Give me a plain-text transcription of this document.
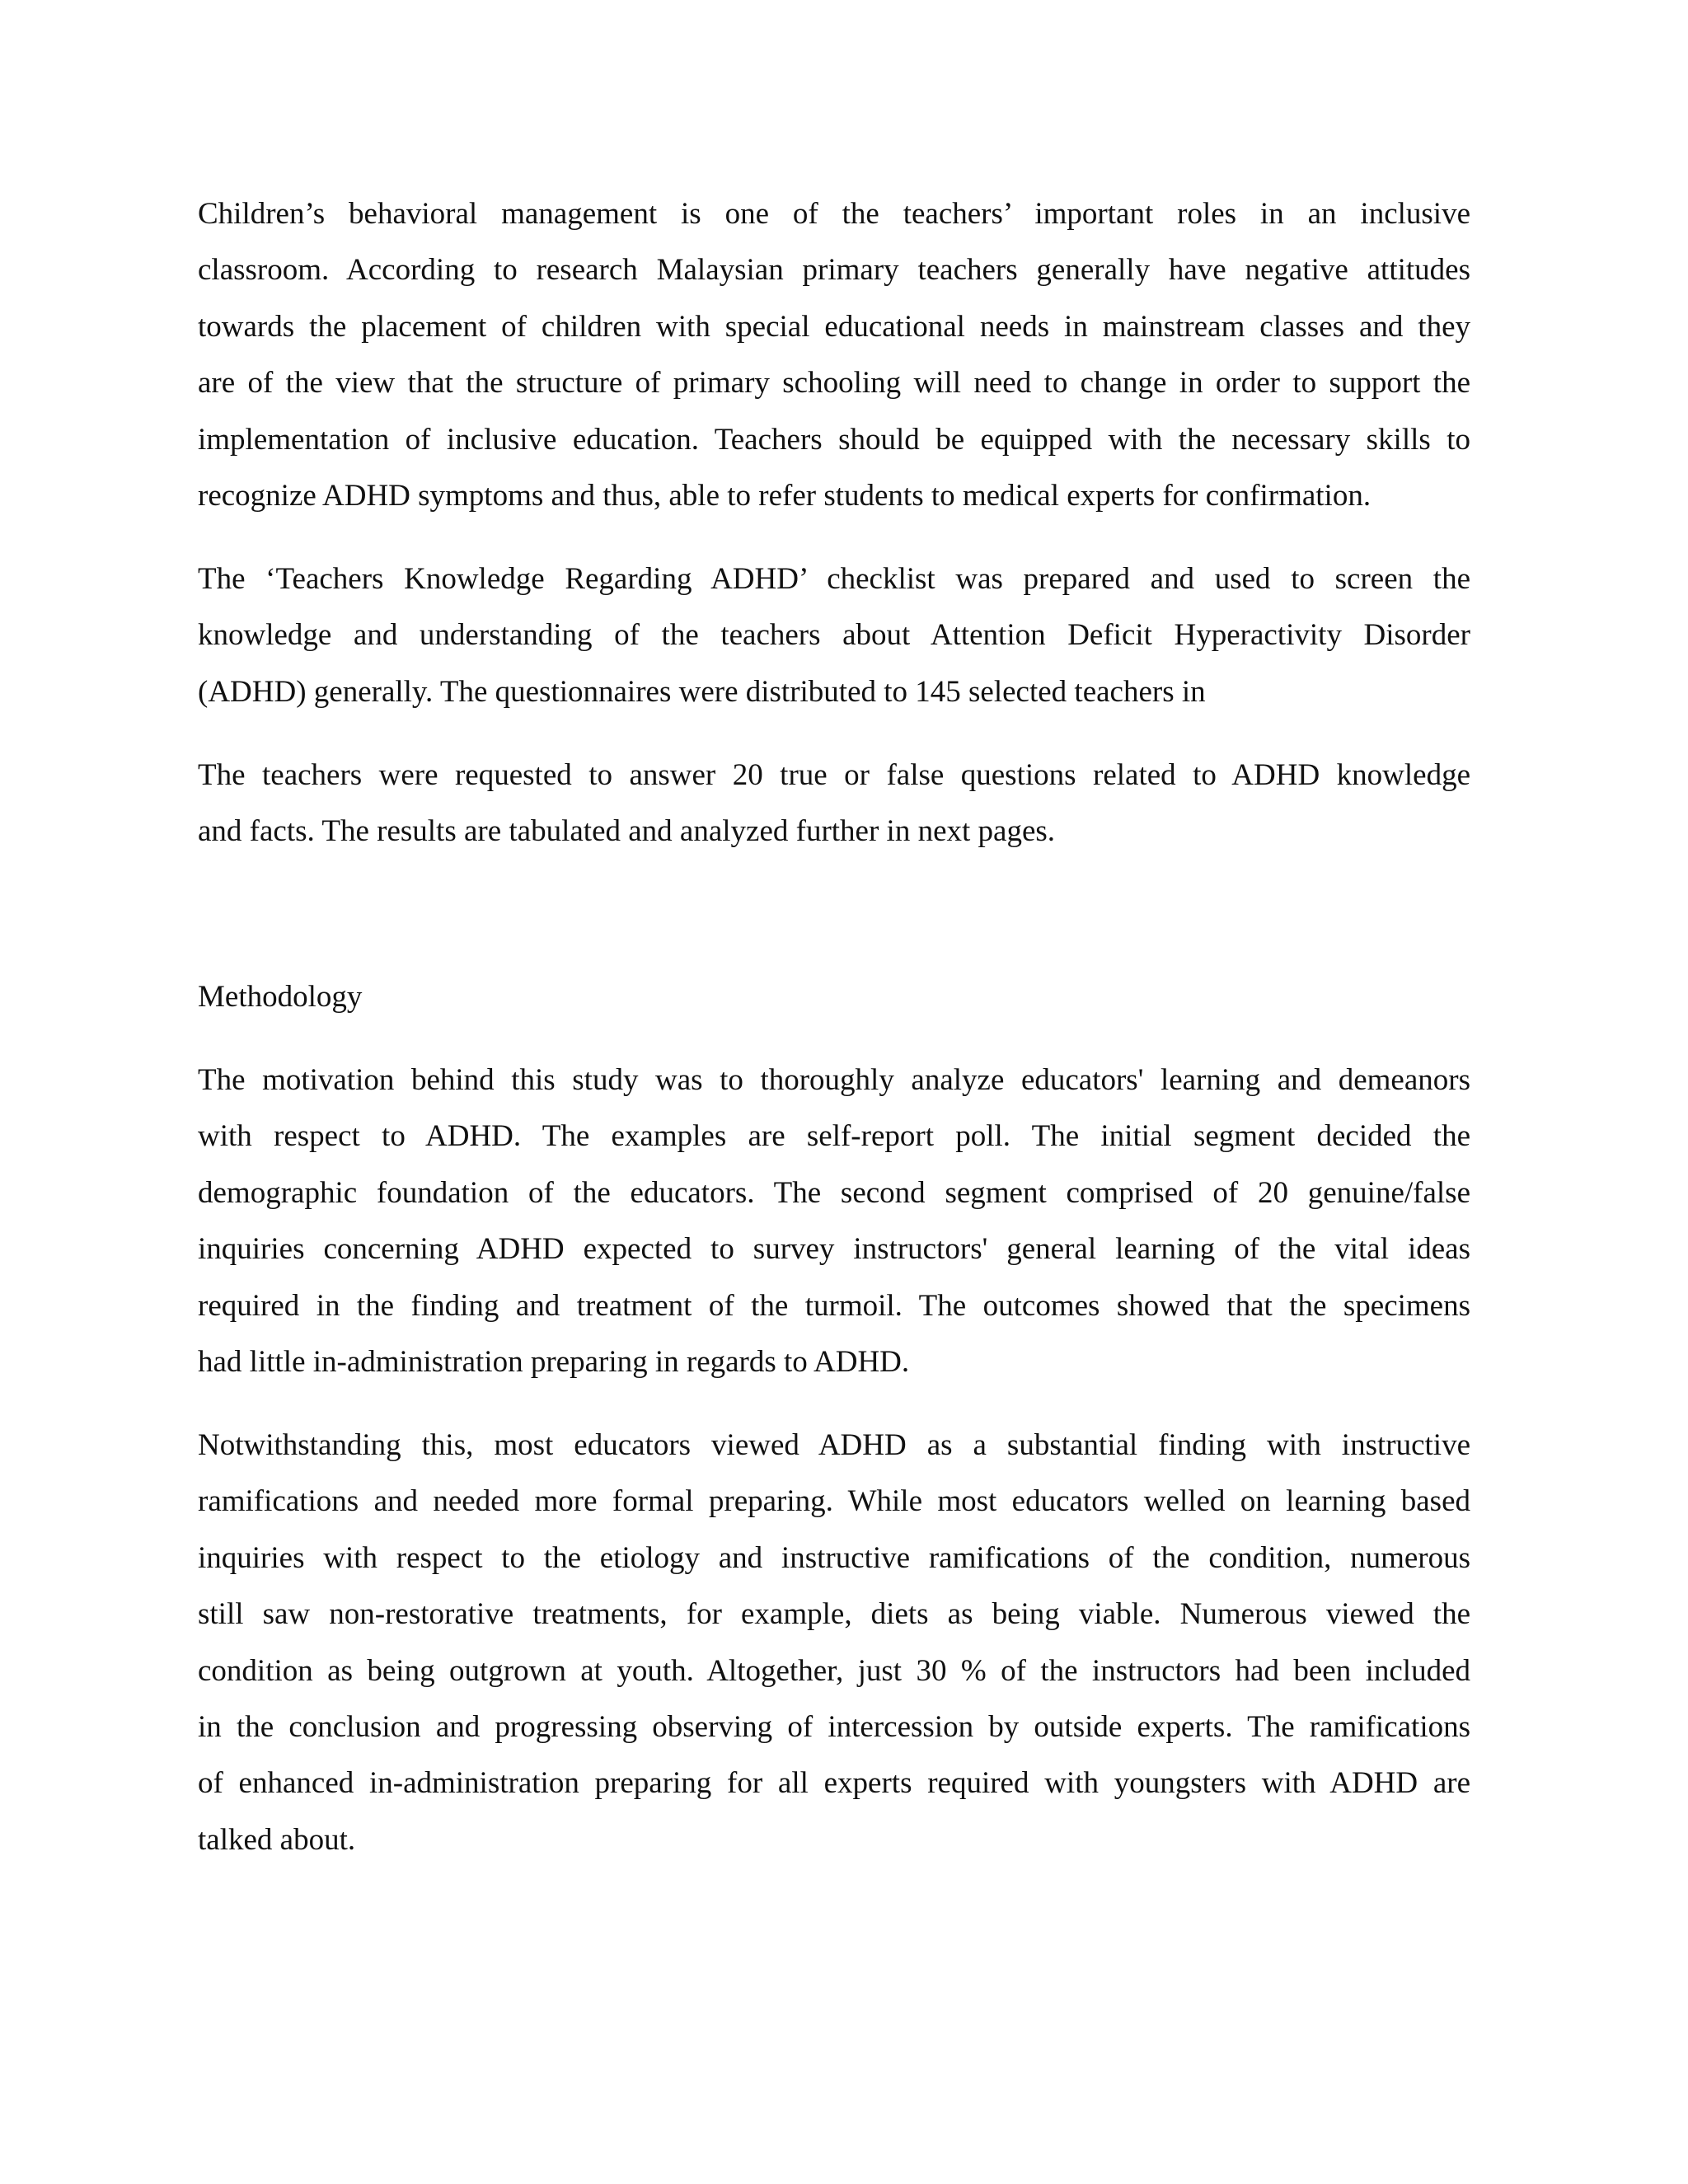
Children’s behavioral management is one of the teachers’ important roles in an inclusive
classroom. According to research Malaysian primary teachers generally have negative attitudes
towards the placement of children with special educational needs in mainstream classes and they
are of the view that the structure of primary schooling will need to change in order to support the
implementation of inclusive education. Teachers should be equipped with the necessary skills to
recognize ADHD symptoms and thus, able to refer students to medical experts for confirmation.
The ‘Teachers Knowledge Regarding ADHD’ checklist was prepared and used to screen the
knowledge and understanding of the teachers about Attention Deficit Hyperactivity Disorder
(ADHD) generally. The questionnaires were distributed to 145 selected teachers in
The teachers were requested to answer 20 true or false questions related to ADHD knowledge
and facts. The results are tabulated and analyzed further in next pages.
Methodology
The motivation behind this study was to thoroughly analyze educators' learning and demeanors
with respect to ADHD. The examples are self-report poll. The initial segment decided the
demographic foundation of the educators. The second segment comprised of 20 genuine/false
inquiries concerning ADHD expected to survey instructors' general learning of the vital ideas
required in the finding and treatment of the turmoil. The outcomes showed that the specimens
had little in-administration preparing in regards to ADHD.
Notwithstanding this, most educators viewed ADHD as a substantial finding with instructive
ramifications and needed more formal preparing. While most educators welled on learning based
inquiries with respect to the etiology and instructive ramifications of the condition, numerous
still saw non-restorative treatments, for example, diets as being viable. Numerous viewed the
condition as being outgrown at youth. Altogether, just 30 % of the instructors had been included
in the conclusion and progressing observing of intercession by outside experts. The ramifications
of enhanced in-administration preparing for all experts required with youngsters with ADHD are
talked about.
